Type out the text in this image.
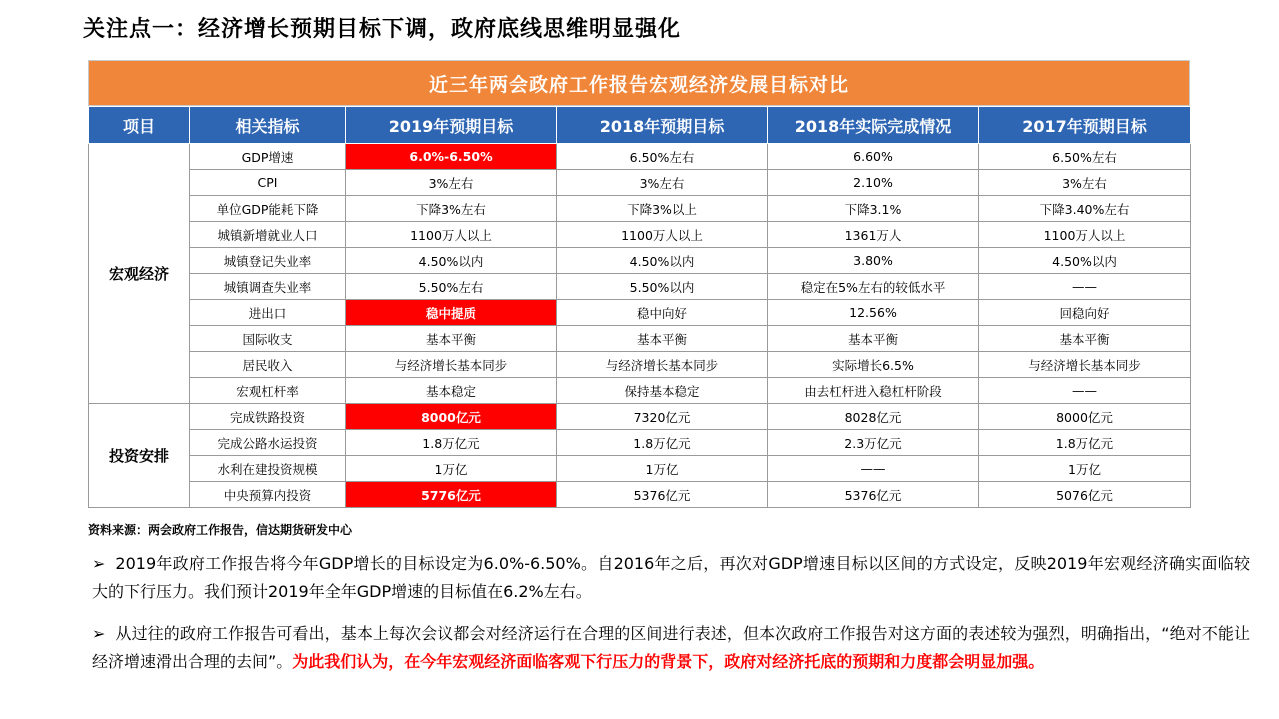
关注点一：经济增长预期目标下调，政府底线思维明显强化
近三年两会政府工作报告宏观经济发展目标对比
项目	相关指标	2019年预期目标	2018年预期目标	2018年实际完成情况	2017年预期目标
宏观经济	GDP增速	6.0%-6.50%	6.50%左右	6.60%	6.50%左右
	CPI	3%左右	3%左右	2.10%	3%左右
	单位GDP能耗下降	下降3%左右	下降3%以上	下降3.1%	下降3.40%左右
	城镇新增就业人口	1100万人以上	1100万人以上	1361万人	1100万人以上
	城镇登记失业率	4.50%以内	4.50%以内	3.80%	4.50%以内
	城镇调查失业率	5.50%左右	5.50%以内	稳定在5%左右的较低水平	——
	进出口	稳中提质	稳中向好	12.56%	回稳向好
	国际收支	基本平衡	基本平衡	基本平衡	基本平衡
	居民收入	与经济增长基本同步	与经济增长基本同步	实际增长6.5%	与经济增长基本同步
	宏观杠杆率	基本稳定	保持基本稳定	由去杠杆进入稳杠杆阶段	——
投资安排	完成铁路投资	8000亿元	7320亿元	8028亿元	8000亿元
	完成公路水运投资	1.8万亿元	1.8万亿元	2.3万亿元	1.8万亿元
	水利在建投资规模	1万亿	1万亿	——	1万亿
	中央预算内投资	5776亿元	5376亿元	5376亿元	5076亿元
资料来源：两会政府工作报告，信达期货研发中心
➢ 2019年政府工作报告将今年GDP增长的目标设定为6.0%-6.50%。自2016年之后，再次对GDP增速目标以区间的方式设定，反映2019年宏观经济确实面临较大的下行压力。我们预计2019年全年GDP增速的目标值在6.2%左右。
➢ 从过往的政府工作报告可看出，基本上每次会议都会对经济运行在合理的区间进行表述，但本次政府工作报告对这方面的表述较为强烈，明确指出，“绝对不能让经济增速滑出合理的去间”。为此我们认为，在今年宏观经济面临客观下行压力的背景下，政府对经济托底的预期和力度都会明显加强。
